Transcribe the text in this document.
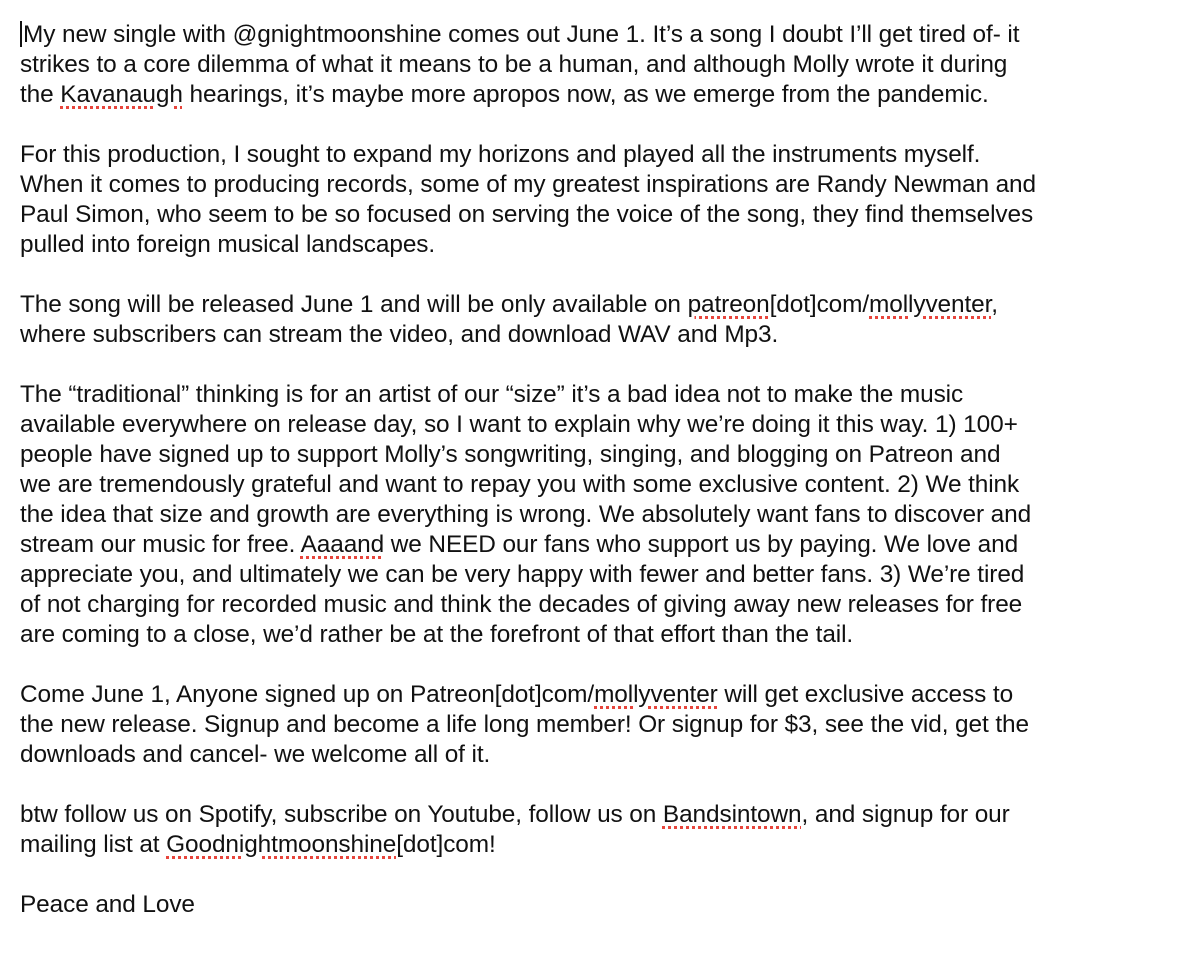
My new single with @gnightmoonshine comes out June 1. It’s a song I doubt I’ll get tired of- it
strikes to a core dilemma of what it means to be a human, and although Molly wrote it during
the Kavanaugh hearings, it’s maybe more apropos now, as we emerge from the pandemic.
For this production, I sought to expand my horizons and played all the instruments myself.
When it comes to producing records, some of my greatest inspirations are Randy Newman and
Paul Simon, who seem to be so focused on serving the voice of the song, they find themselves
pulled into foreign musical landscapes.
The song will be released June 1 and will be only available on patreon[dot]com/mollyventer,
where subscribers can stream the video, and download WAV and Mp3.
The “traditional” thinking is for an artist of our “size” it’s a bad idea not to make the music
available everywhere on release day, so I want to explain why we’re doing it this way. 1) 100+
people have signed up to support Molly’s songwriting, singing, and blogging on Patreon and
we are tremendously grateful and want to repay you with some exclusive content. 2) We think
the idea that size and growth are everything is wrong. We absolutely want fans to discover and
stream our music for free. Aaaand we NEED our fans who support us by paying. We love and
appreciate you, and ultimately we can be very happy with fewer and better fans. 3) We’re tired
of not charging for recorded music and think the decades of giving away new releases for free
are coming to a close, we’d rather be at the forefront of that effort than the tail.
Come June 1, Anyone signed up on Patreon[dot]com/mollyventer will get exclusive access to
the new release. Signup and become a life long member! Or signup for $3, see the vid, get the
downloads and cancel- we welcome all of it.
btw follow us on Spotify, subscribe on Youtube, follow us on Bandsintown, and signup for our
mailing list at Goodnightmoonshine[dot]com!
Peace and Love
